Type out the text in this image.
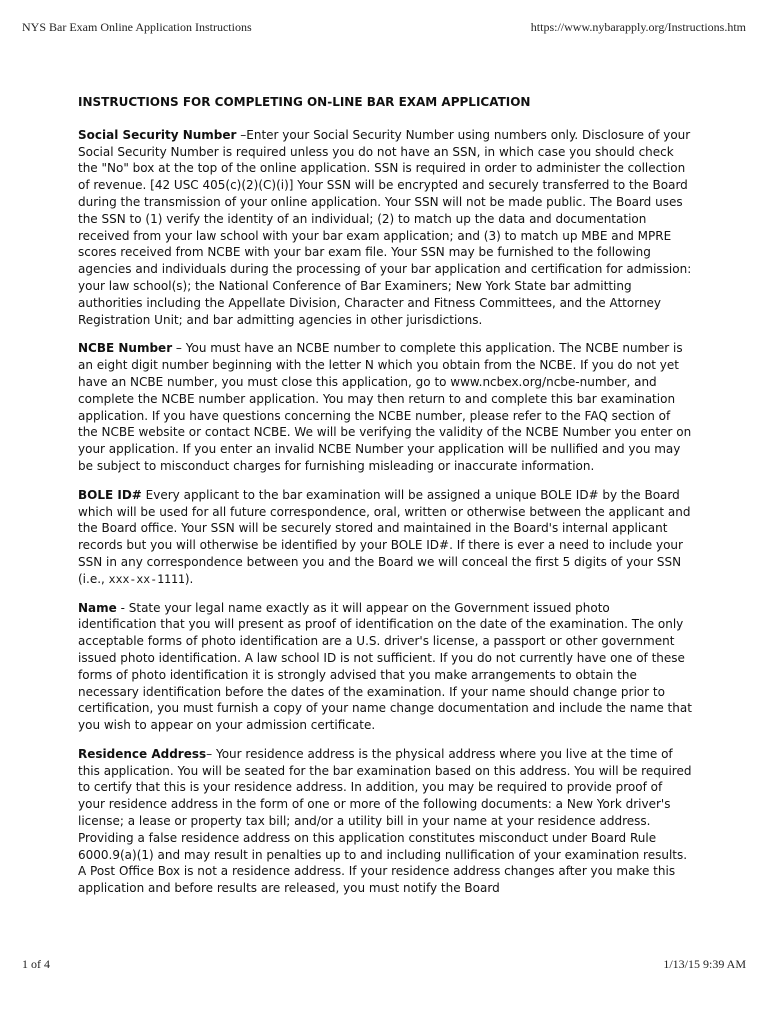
NYS Bar Exam Online Application Instructions	https://www.nybarapply.org/Instructions.htm
INSTRUCTIONS FOR COMPLETING ON-LINE BAR EXAM APPLICATION

Social Security Number –Enter your Social Security Number using numbers only. Disclosure of your Social Security Number is required unless you do not have an SSN, in which case you should check the "No" box at the top of the online application. SSN is required in order to administer the collection of revenue. [42 USC 405(c)(2)(C)(i)] Your SSN will be encrypted and securely transferred to the Board during the transmission of your online application. Your SSN will not be made public. The Board uses the SSN to (1) verify the identity of an individual; (2) to match up the data and documentation received from your law school with your bar exam application; and (3) to match up MBE and MPRE scores received from NCBE with your bar exam file. Your SSN may be furnished to the following agencies and individuals during the processing of your bar application and certification for admission: your law school(s); the National Conference of Bar Examiners; New York State bar admitting authorities including the Appellate Division, Character and Fitness Committees, and the Attorney Registration Unit; and bar admitting agencies in other jurisdictions.

NCBE Number – You must have an NCBE number to complete this application. The NCBE number is an eight digit number beginning with the letter N which you obtain from the NCBE. If you do not yet have an NCBE number, you must close this application, go to www.ncbex.org/ncbe-number, and complete the NCBE number application. You may then return to and complete this bar examination application. If you have questions concerning the NCBE number, please refer to the FAQ section of the NCBE website or contact NCBE. We will be verifying the validity of the NCBE Number you enter on your application. If you enter an invalid NCBE Number your application will be nullified and you may be subject to misconduct charges for furnishing misleading or inaccurate information.

BOLE ID# Every applicant to the bar examination will be assigned a unique BOLE ID# by the Board which will be used for all future correspondence, oral, written or otherwise between the applicant and the Board office. Your SSN will be securely stored and maintained in the Board's internal applicant records but you will otherwise be identified by your BOLE ID#. If there is ever a need to include your SSN in any correspondence between you and the Board we will conceal the first 5 digits of your SSN (i.e., xxx-xx-1111).

Name - State your legal name exactly as it will appear on the Government issued photo identification that you will present as proof of identification on the date of the examination. The only acceptable forms of photo identification are a U.S. driver's license, a passport or other government issued photo identification. A law school ID is not sufficient. If you do not currently have one of these forms of photo identification it is strongly advised that you make arrangements to obtain the necessary identification before the dates of the examination. If your name should change prior to certification, you must furnish a copy of your name change documentation and include the name that you wish to appear on your admission certificate.

Residence Address– Your residence address is the physical address where you live at the time of this application. You will be seated for the bar examination based on this address. You will be required to certify that this is your residence address. In addition, you may be required to provide proof of your residence address in the form of one or more of the following documents: a New York driver's license; a lease or property tax bill; and/or a utility bill in your name at your residence address. Providing a false residence address on this application constitutes misconduct under Board Rule 6000.9(a)(1) and may result in penalties up to and including nullification of your examination results. A Post Office Box is not a residence address. If your residence address changes after you make this application and before results are released, you must notify the Board

1 of 4	1/13/15 9:39 AM
